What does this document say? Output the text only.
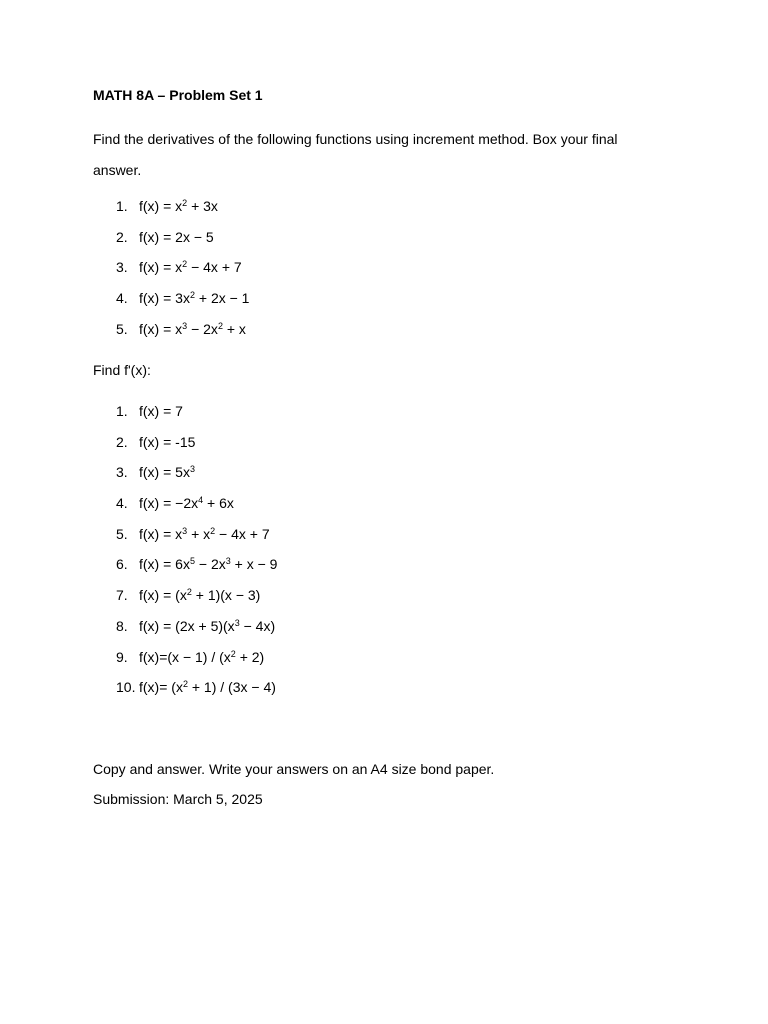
MATH 8A – Problem Set 1
Find the derivatives of the following functions using increment method. Box your final answer.
1. $f(x) = x^2 + 3x$
2. f(x) = 2x − 5
3. $f(x) = x^2 - 4x + 7$
4. $f(x) = 3x^2 + 2x - 1$
5. $f(x) = x^3 - 2x^2 + x$
Find f'(x):
1. f(x) = 7
2. f(x) = -15
3. $f(x) = 5x^3$
4. $f(x) = -2x^4 + 6x$
5. $f(x) = x^3 + x^2 - 4x + 7$
6. $f(x) = 6x^5 - 2x^3 + x - 9$
7. $f(x) = (x^2 + 1)(x - 3)$
8. $f(x) = (2x + 5)(x^3 - 4x)$
9. $f(x)=(x - 1) / (x^2 + 2)$
10. $f(x)= (x^2 + 1) / (3x - 4)$
Copy and answer. Write your answers on an A4 size bond paper.
Submission: March 5, 2025
